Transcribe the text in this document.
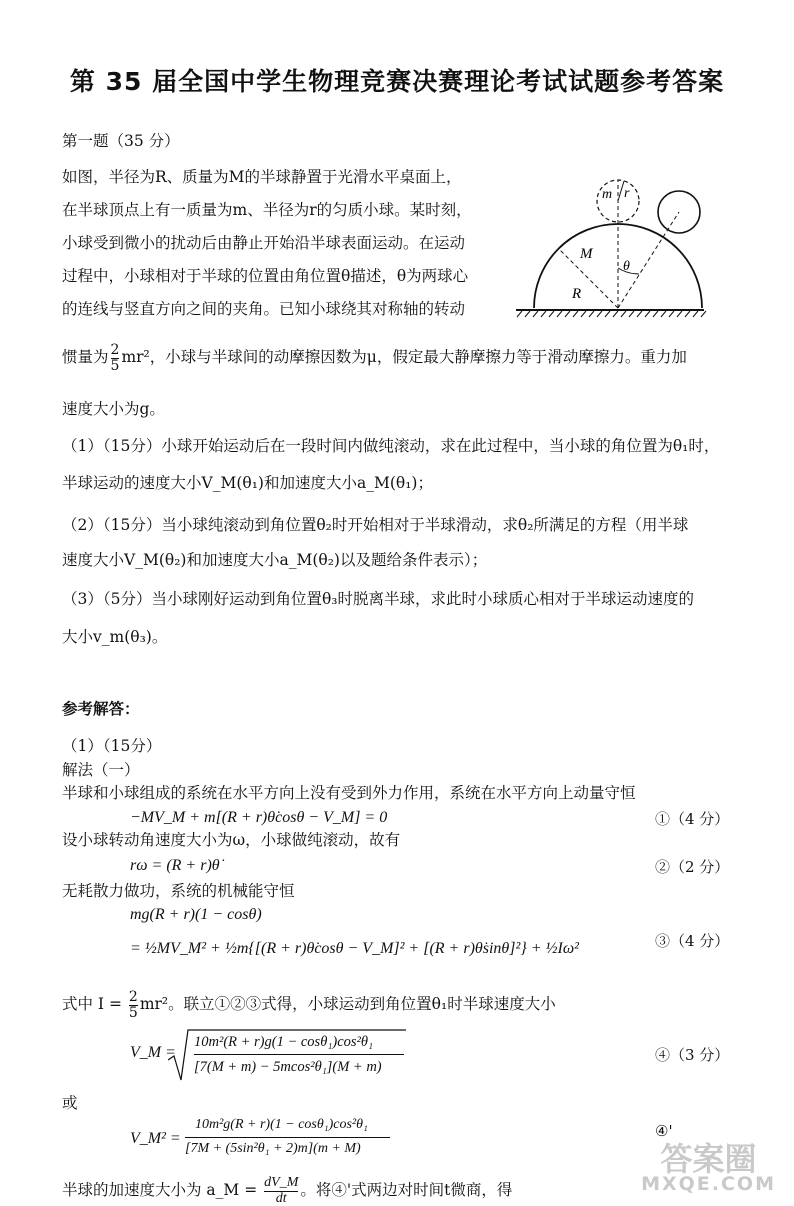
第 35 届全国中学生物理竞赛决赛理论考试试题参考答案
第一题（35 分）
如图，半径为R、质量为M的半球静置于光滑水平桌面上，
在半球顶点上有一质量为m、半径为r的匀质小球。某时刻，
小球受到微小的扰动后由静止开始沿半球表面运动。在运动
过程中，小球相对于半球的位置由角位置θ描述，θ为两球心
的连线与竖直方向之间的夹角。已知小球绕其对称轴的转动
m r
M
R
θ
惯量为 $\frac{2}{5} mr^2$，小球与半球间的动摩擦因数为μ，假定最大静摩擦力等于滑动摩擦力。重力加
速度大小为g。
（1）（15分）小球开始运动后在一段时间内做纯滚动，求在此过程中，当小球的角位置为θ₁时，
半球运动的速度大小V_M(θ₁)和加速度大小a_M(θ₁)；
（2）（15分）当小球纯滚动到角位置θ₂时开始相对于半球滑动，求θ₂所满足的方程（用半球
速度大小V_M(θ₂)和加速度大小a_M(θ₂)以及题给条件表示）；
（3）（5分）当小球刚好运动到角位置θ₃时脱离半球，求此时小球质心相对于半球运动速度的
大小v_m(θ₃)。
参考解答：
（1）（15分）
解法（一）
半球和小球组成的系统在水平方向上没有受到外力作用，系统在水平方向上动量守恒
−MV_M + m[(R + r)θ̇cosθ − V_M] = 0	①（4 分）
设小球转动角速度大小为ω，小球做纯滚动，故有
rω = (R + r)θ̇	②（2 分）
无耗散力做功，系统的机械能守恒
mg(R + r)(1 − cosθ)
= ½MV_M² + ½m{[(R + r)θ̇cosθ − V_M]² + [(R + r)θ̇sinθ]²} + ½Iω²	③（4 分）
式中 $I = \frac{2}{5} mr^2$。联立①②③式得，小球运动到角位置θ₁时半球速度大小
V_M =
10m²(R + r)g(1 − cosθ₁)cos²θ₁
[7(M + m) − 5mcos²θ₁](M + m)
④（3 分）
或
V_M² =
10m²g(R + r)(1 − cosθ₁)cos²θ₁
[7M + (5sin²θ₁ + 2)m](m + M)
④'
半球的加速度大小为 a_M = $\frac{dV\_M}{dt}$ 。将④'式两边对时间t微商，得
答案圈
MXQE.COM
